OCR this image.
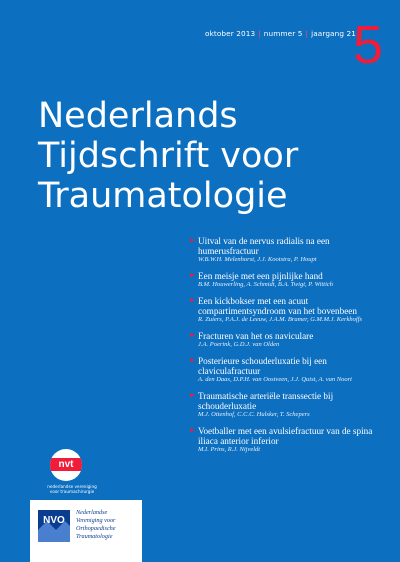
oktober 2013 | nummer 5 | jaargang 21
5
Nederlands
Tijdschrift voor
Traumatologie
► Uitval van de nervus radialis na een humerusfractuur
W.B.W.H. Melenhorst, J.J. Kootstra, P. Houpt
► Een meisje met een pijnlijke hand
B.M. Houwerling, A. Schmidt, B.A. Twigt, P. Wittich
► Een kickbokser met een acuut compartimentsyndroom van het bovenbeen
R. Zuiers, P.A.J. de Leeuw, J.A.M. Bramer, G.M.M.J. Kerkhoffs
► Fracturen van het os naviculare
J.A. Poerink, G.D.J. van Olden
► Posterieure schouderluxatie bij een claviculafractuur
A. den Daas, D.P.H. van Oostveen, J.J. Quist, A. van Noort
► Traumatische arteriële transsectie bij schouderluxatie
M.J. Ottenhof, C.C.C. Hulsker, T. Schepers
► Voetballer met een avulsiefractuur van de spina iliaca anterior inferior
M.I. Prins, R.J. Nijveldt
nvt
nederlandse vereniging
voor traumachirurgie
NVO
Nederlandse
Vereniging voor
Orthopaedische
Traumatologie
